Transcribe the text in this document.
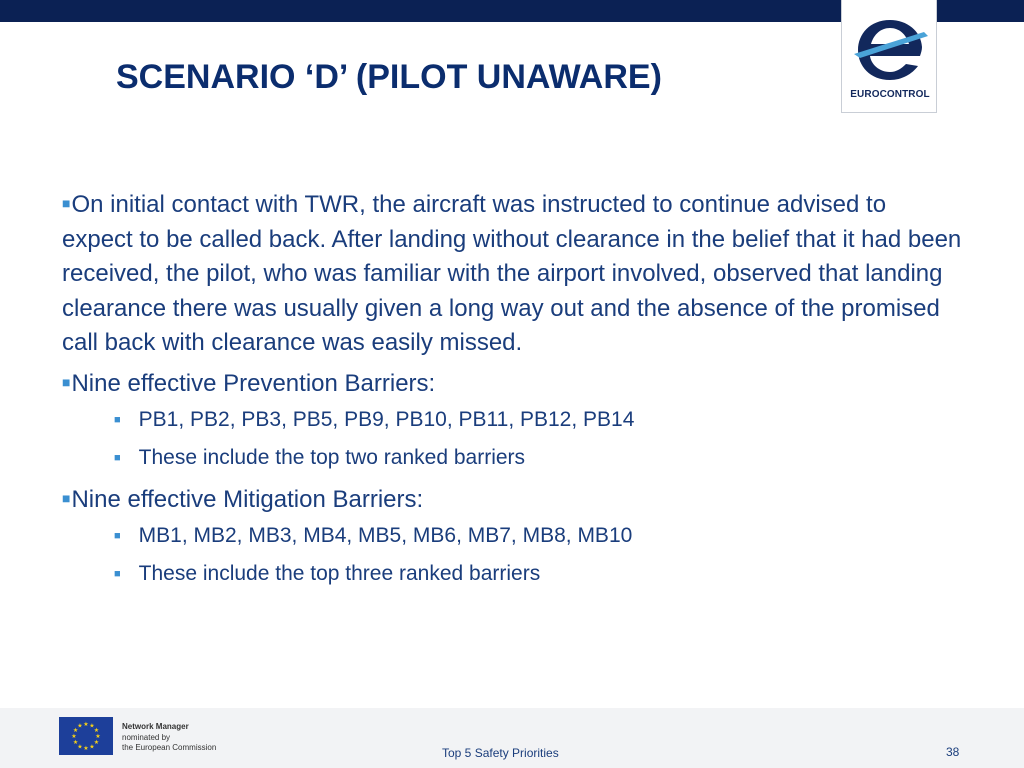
EUROCONTROL
SCENARIO ‘D’ (PILOT UNAWARE)

■On initial contact with TWR, the aircraft was instructed to continue advised to expect to be called back. After landing without clearance in the belief that it had been received, the pilot, who was familiar with the airport involved, observed that landing clearance there was usually given a long way out and the absence of the promised call back with clearance was easily missed.

■Nine effective Prevention Barriers:
■ PB1, PB2, PB3, PB5, PB9, PB10, PB11, PB12, PB14
■ These include the top two ranked barriers
■Nine effective Mitigation Barriers:
■ MB1, MB2, MB3, MB4, MB5, MB6, MB7, MB8, MB10
■ These include the top three ranked barriers
★ ★
★
★
★
★
★
★
★
★
★
★	Network Manager
nominated by
the European Commission	Top 5 Safety Priorities	38
